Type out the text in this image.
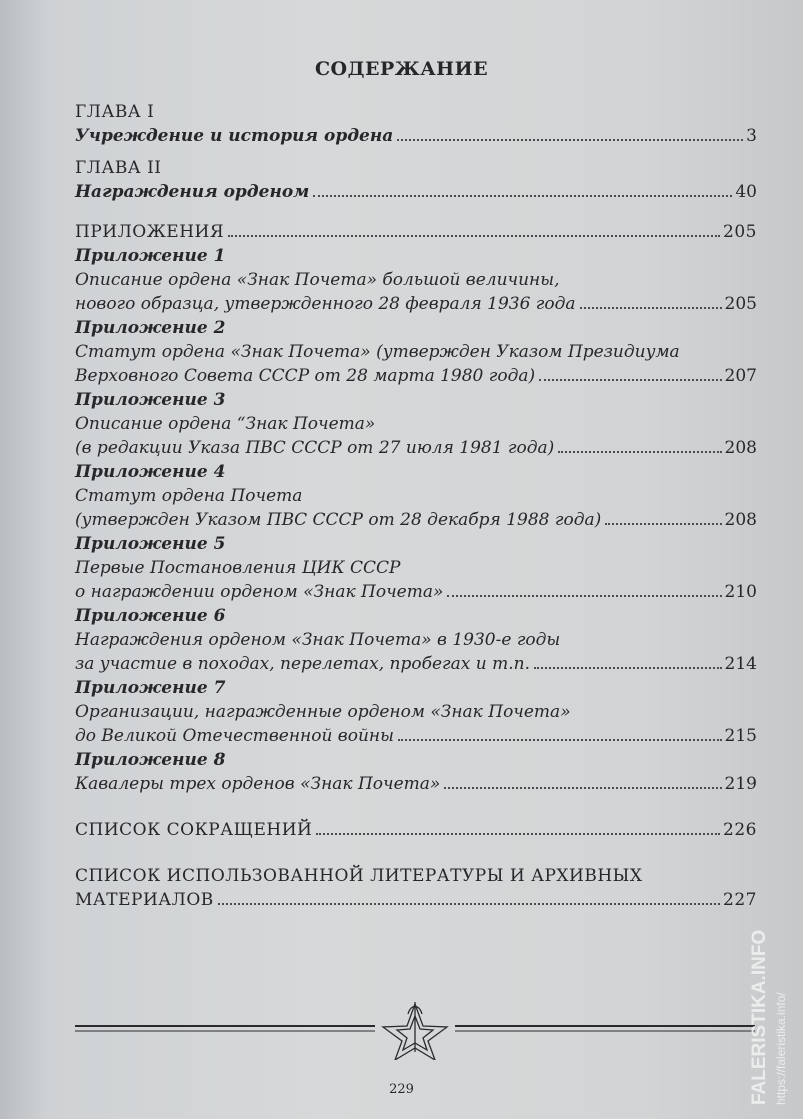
СОДЕРЖАНИЕ
ГЛАВА I
Учреждение и история ордена	3
ГЛАВА II
Награждения орденом	40
ПРИЛОЖЕНИЯ	205
Приложение 1
Описание ордена «Знак Почета» большой величины,
нового образца, утвержденного 28 февраля 1936 года	205
Приложение 2
Статут ордена «Знак Почета» (утвержден Указом Президиума
Верховного Совета СССР от 28 марта 1980 года)	207
Приложение 3
Описание ордена “Знак Почета»
(в редакции Указа ПВС СССР от 27 июля 1981 года)	208
Приложение 4
Статут ордена Почета
(утвержден Указом ПВС СССР от 28 декабря 1988 года)	208
Приложение 5
Первые Постановления ЦИК СССР
о награждении орденом «Знак Почета»	210
Приложение 6
Награждения орденом «Знак Почета» в 1930-е годы
за участие в походах, перелетах, пробегах и т.п.	214
Приложение 7
Организации, награжденные орденом «Знак Почета»
до Великой Отечественной войны	215
Приложение 8
Кавалеры трех орденов «Знак Почета»	219
СПИСОК СОКРАЩЕНИЙ	226
СПИСОК ИСПОЛЬЗОВАННОЙ ЛИТЕРАТУРЫ И АРХИВНЫХ
МАТЕРИАЛОВ	227
229	FALERISTIKA.INFO https://faleristika.info/
